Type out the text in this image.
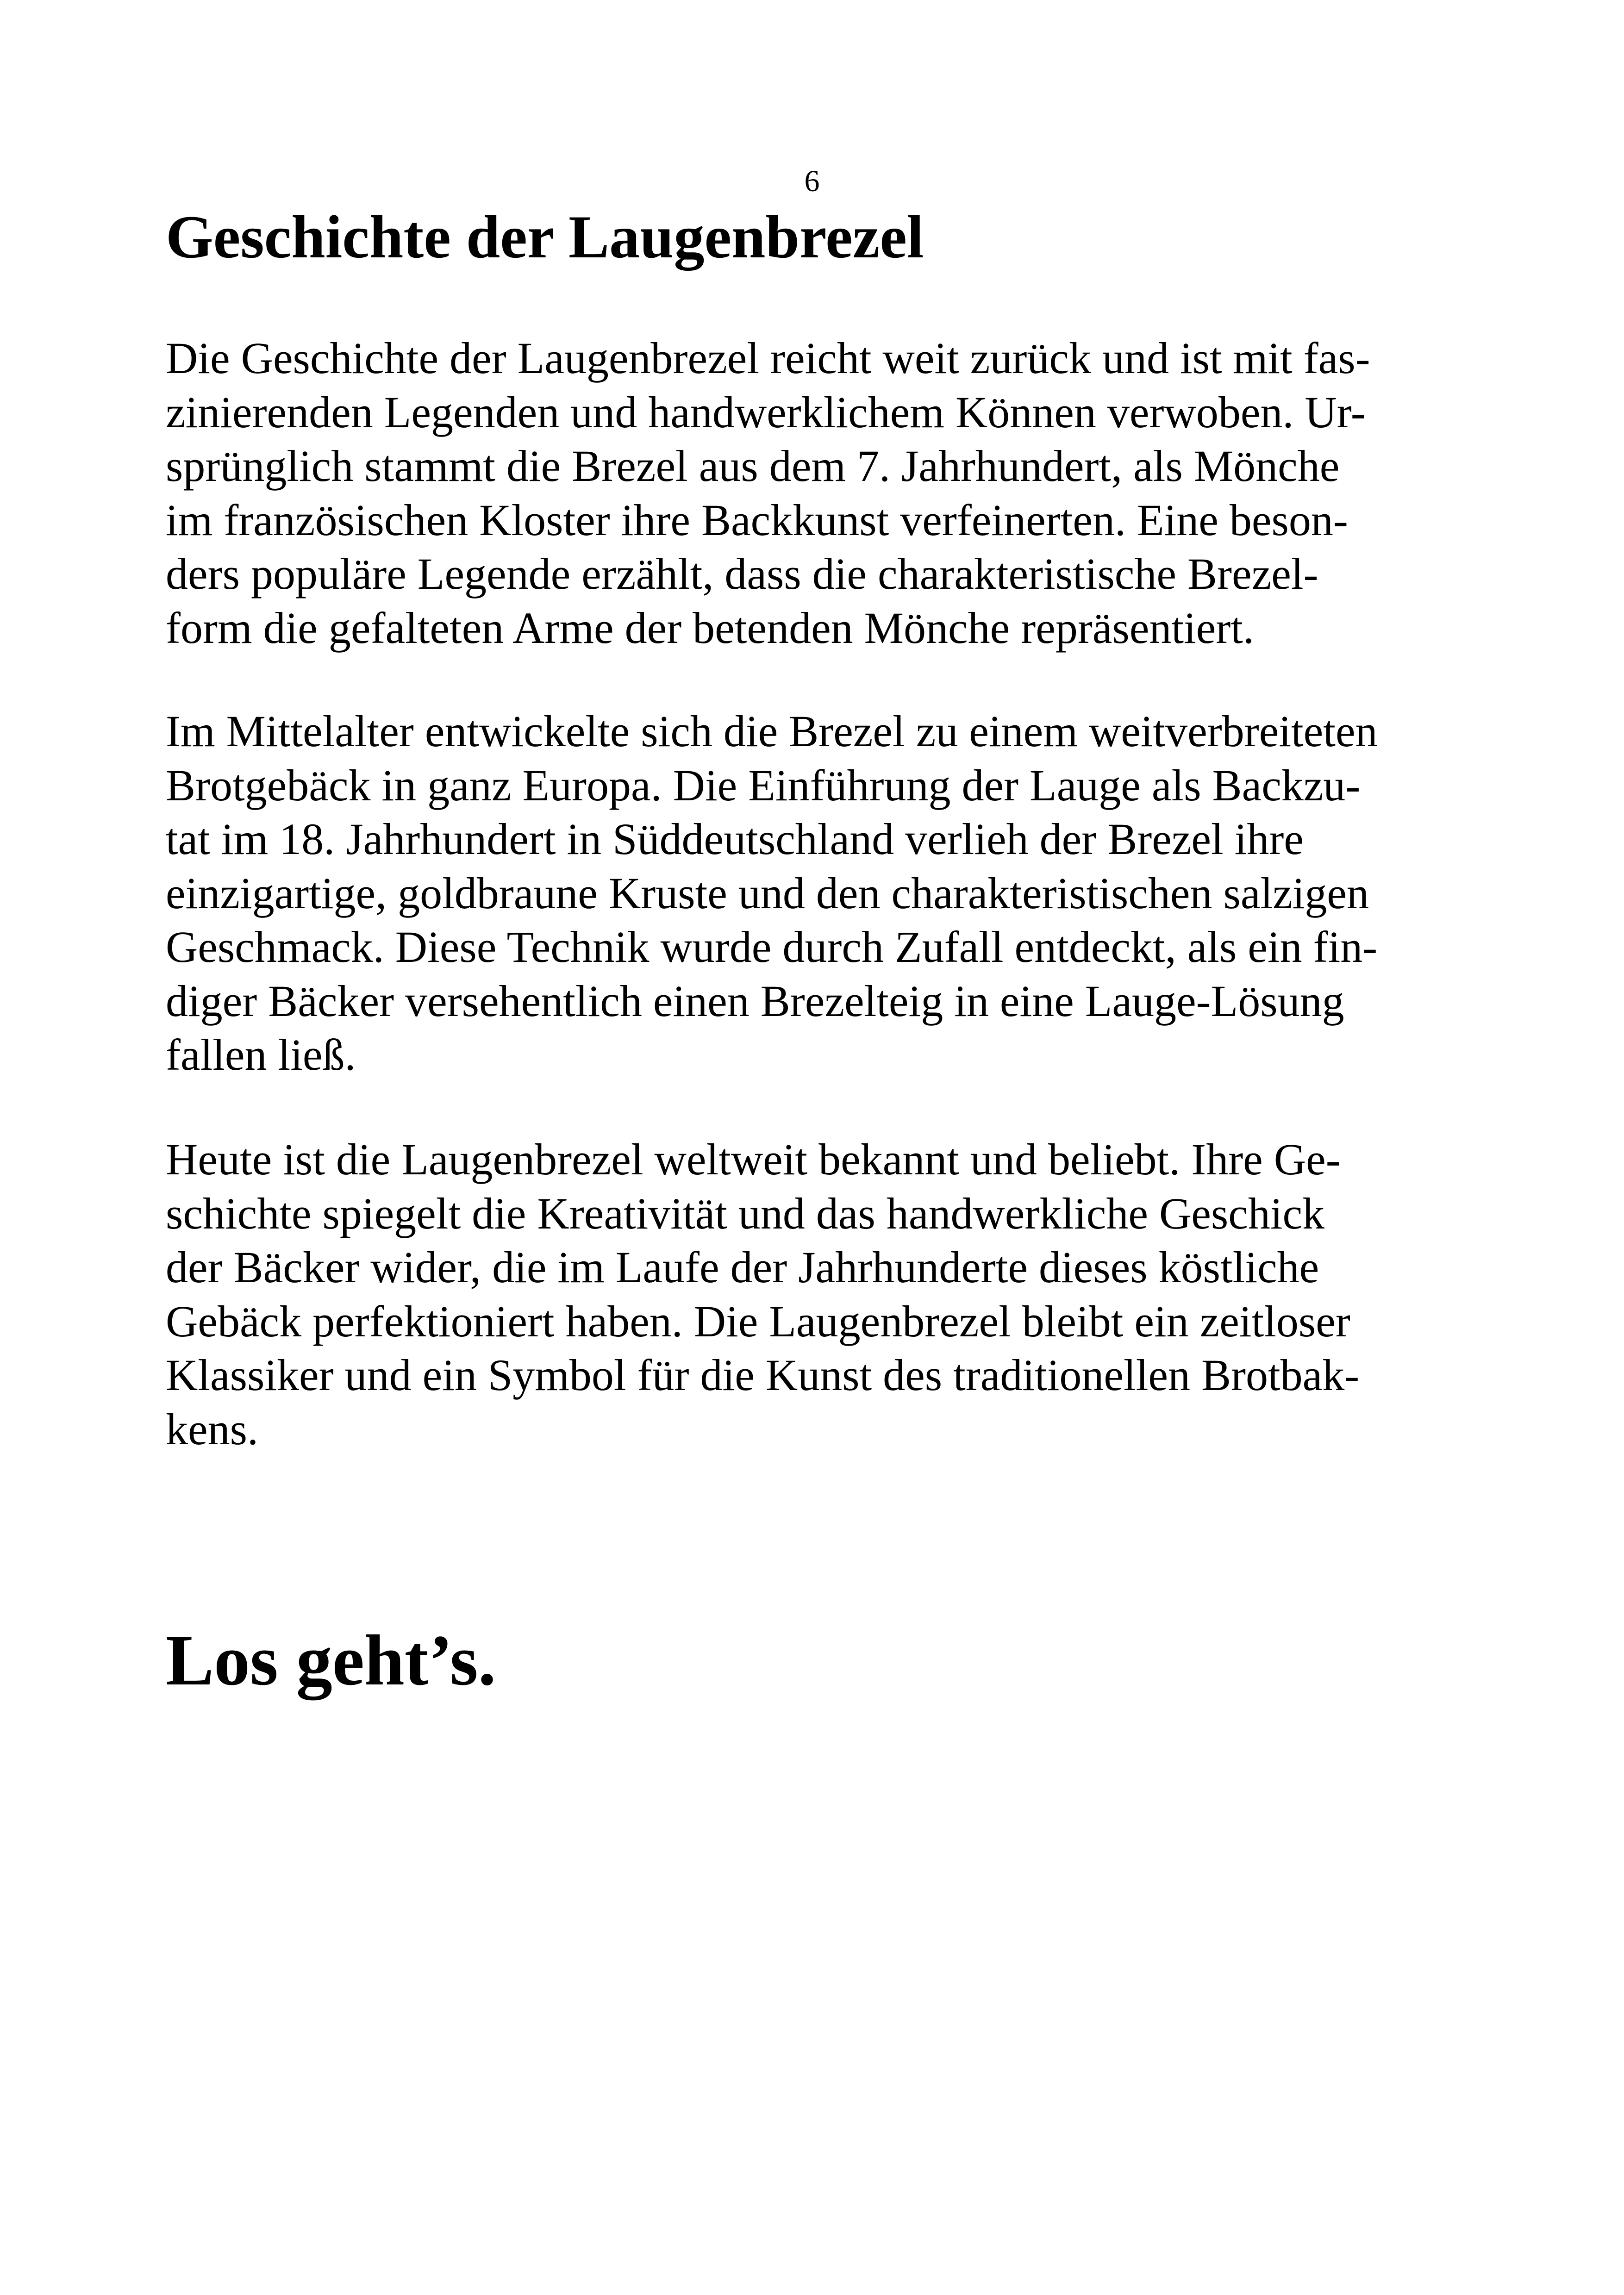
6
Geschichte der Laugenbrezel

Die Geschichte der Laugenbrezel reicht weit zurück und ist mit fas-
zinierenden Legenden und handwerklichem Können verwoben. Ur-
sprünglich stammt die Brezel aus dem 7. Jahrhundert, als Mönche
im französischen Kloster ihre Backkunst verfeinerten. Eine beson-
ders populäre Legende erzählt, dass die charakteristische Brezel-
form die gefalteten Arme der betenden Mönche repräsentiert.

Im Mittelalter entwickelte sich die Brezel zu einem weitverbreiteten
Brotgebäck in ganz Europa. Die Einführung der Lauge als Backzu-
tat im 18. Jahrhundert in Süddeutschland verlieh der Brezel ihre
einzigartige, goldbraune Kruste und den charakteristischen salzigen
Geschmack. Diese Technik wurde durch Zufall entdeckt, als ein fin-
diger Bäcker versehentlich einen Brezelteig in eine Lauge-Lösung
fallen ließ.

Heute ist die Laugenbrezel weltweit bekannt und beliebt. Ihre Ge-
schichte spiegelt die Kreativität und das handwerkliche Geschick
der Bäcker wider, die im Laufe der Jahrhunderte dieses köstliche
Gebäck perfektioniert haben. Die Laugenbrezel bleibt ein zeitloser
Klassiker und ein Symbol für die Kunst des traditionellen Brotbak-
kens.

Los geht’s.
